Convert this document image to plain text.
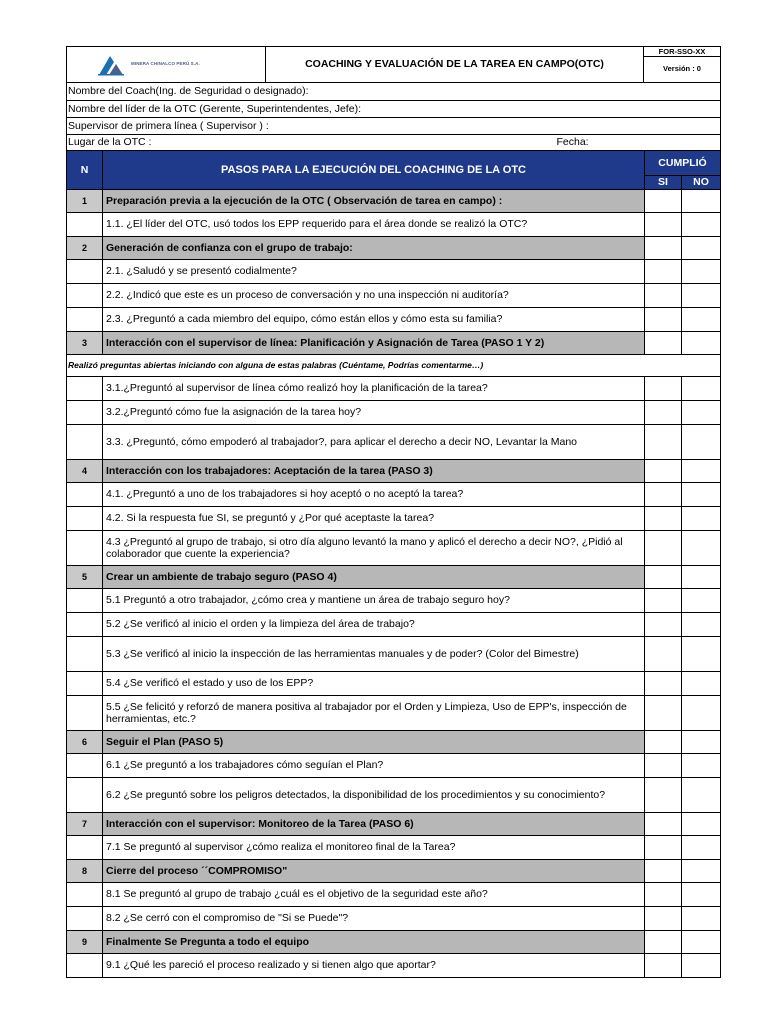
MINERA CHINALCO PERÚ S.A.	COACHING Y EVALUACIÓN DE LA TAREA EN CAMPO(OTC)	FOR-SSO-XX
Versión : 0
Nombre del Coach(Ing. de Seguridad o designado):
Nombre del líder de la OTC (Gerente, Superintendentes, Jefe):
Supervisor de primera línea ( Supervisor ) :
Lugar de la OTC :	Fecha:
N	PASOS PARA LA EJECUCIÓN DEL COACHING DE LA OTC	CUMPLIÓ	
		SI	NO
1	Preparación previa a la ejecución de la OTC ( Observación de tarea en campo) :		
	1.1. ¿El líder del OTC, usó todos los EPP requerido para el área donde se realizó la OTC?		
2	Generación de confianza con el grupo de trabajo:		
	2.1. ¿Saludó y se presentó codialmente?		
	2.2. ¿Indicó que este es un proceso de conversación y no una inspección ni auditoría?		
	2.3. ¿Preguntó a cada miembro del equipo, cómo están ellos y cómo esta su familia?		
3	Interacción con el supervisor de línea: Planificación y Asignación de Tarea (PASO 1 Y 2)		
Realizó preguntas abiertas iniciando con alguna de estas palabras (Cuéntame, Podrías comentarme…)			
	3.1.¿Preguntó al supervisor de línea cómo realizó hoy la planificación de la tarea?		
	3.2.¿Preguntó cómo fue la asignación de la tarea hoy?		
	3.3. ¿Preguntó, cómo empoderó al trabajador?, para aplicar el derecho a decir NO, Levantar la Mano		
4	Interacción con los trabajadores: Aceptación de la tarea (PASO 3)		
	4.1. ¿Preguntó a uno de los trabajadores si hoy aceptó o no aceptó la tarea?		
	4.2. Si la respuesta fue SI, se preguntó y ¿Por qué aceptaste la tarea?		
	4.3 ¿Preguntó al grupo de trabajo, si otro día alguno levantó la mano y aplicó el derecho a decir NO?, ¿Pidió al colaborador que cuente la experiencia?		
5	Crear un ambiente de trabajo seguro (PASO 4)		
	5.1 Preguntó a otro trabajador, ¿cómo crea y mantiene un área de trabajo seguro hoy?		
	5.2 ¿Se verificó al inicio el orden y la limpieza del área de trabajo?		
	5.3 ¿Se verificó al inicio la inspección de las herramientas manuales y de poder? (Color del Bimestre)		
	5.4 ¿Se verificó el estado y uso de los EPP?		
	5.5 ¿Se felicitó y reforzó de manera positiva al trabajador por el Orden y Limpieza, Uso de EPP's, inspección de herramientas, etc.?		
6	Seguir el Plan (PASO 5)		
	6.1 ¿Se preguntó a los trabajadores cómo seguían el Plan?		
	6.2 ¿Se preguntó sobre los peligros detectados, la disponibilidad de los procedimientos y su conocimiento?		
7	Interacción con el supervisor: Monitoreo de la Tarea (PASO 6)		
	7.1 Se preguntó al supervisor ¿cómo realiza el monitoreo final de la Tarea?		
8	Cierre del proceso ´´COMPROMISO"		
	8.1 Se preguntó al grupo de trabajo ¿cuál es el objetivo de la seguridad este año?		
	8.2 ¿Se cerró con el compromiso de "Si se Puede"?		
9	Finalmente Se Pregunta a todo el equipo		
	9.1 ¿Qué les pareció el proceso realizado y si tienen algo que aportar?		
